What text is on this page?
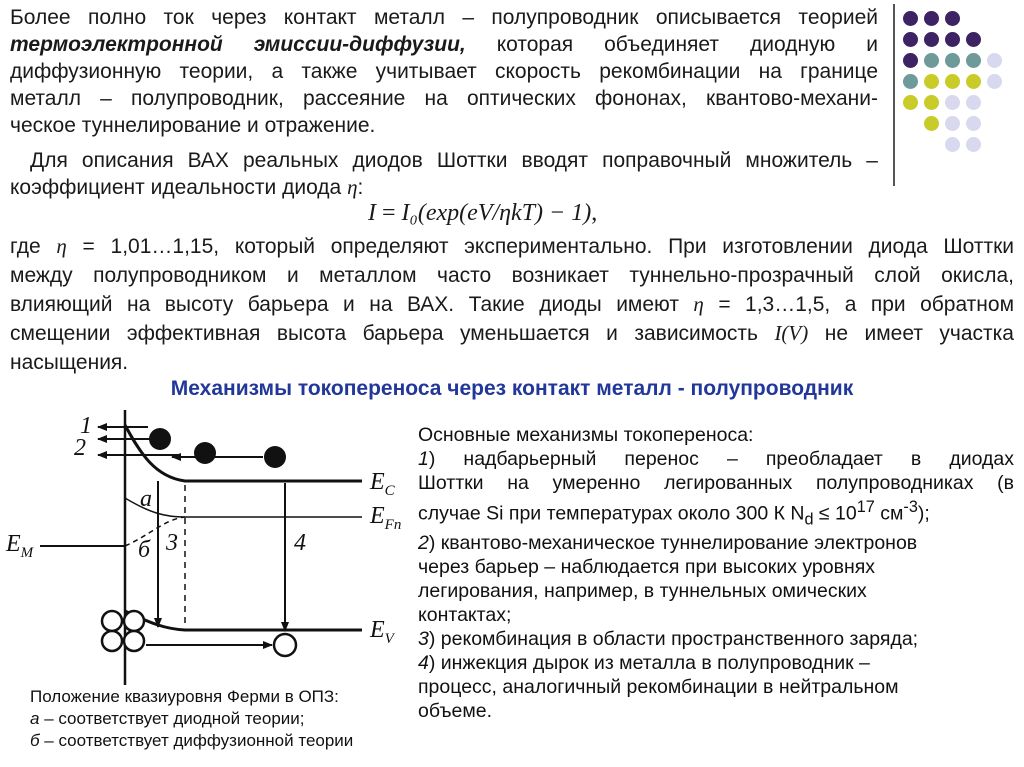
Более полно ток через контакт металл – полупроводник описывается теорией
термоэлектронной эмиссии-диффузии, которая объединяет диодную и
диффузионную теории, а также учитывает скорость рекомбинации на границе
металл – полупроводник, рассеяние на оптических фононах, квантово-механи-
ческое туннелирование и отражение.
Для описания ВАХ реальных диодов Шоттки вводят поправочный множитель –
коэффициент идеальности диода η:
I = I₀(exp(eV/ηkT) − 1),
где η = 1,01…1,15, который определяют экспериментально. При изготовлении диода Шоттки
между полупроводником и металлом часто возникает туннельно-прозрачный слой окисла,
влияющий на высоту барьера и на ВАХ. Такие диоды имеют η = 1,3…1,5, а при обратном
смещении эффективная высота барьера уменьшается и зависимость I(V) не имеет участка
насыщения.
Механизмы токопереноса через контакт металл - полупроводник
1
2
3	4
а
б
$E_C$
$E_{Fn}$
$E_M$
$E_V$
Положение квазиуровня Ферми в ОПЗ:
а – соответствует диодной теории;
б – соответствует диффузионной теории
Основные механизмы токопереноса:
1) надбарьерный перенос – преобладает в диодах
Шоттки на умеренно легированных полупроводниках (в
случае Si при температурах около 300 К $N_d \le 10^{17}$ $см^{-3}$);
2) квантово-механическое туннелирование электронов
через барьер – наблюдается при высоких уровнях
легирования, например, в туннельных омических
контактах;
3) рекомбинация в области пространственного заряда;
4) инжекция дырок из металла в полупроводник –
процесс, аналогичный рекомбинации в нейтральном
объеме.
